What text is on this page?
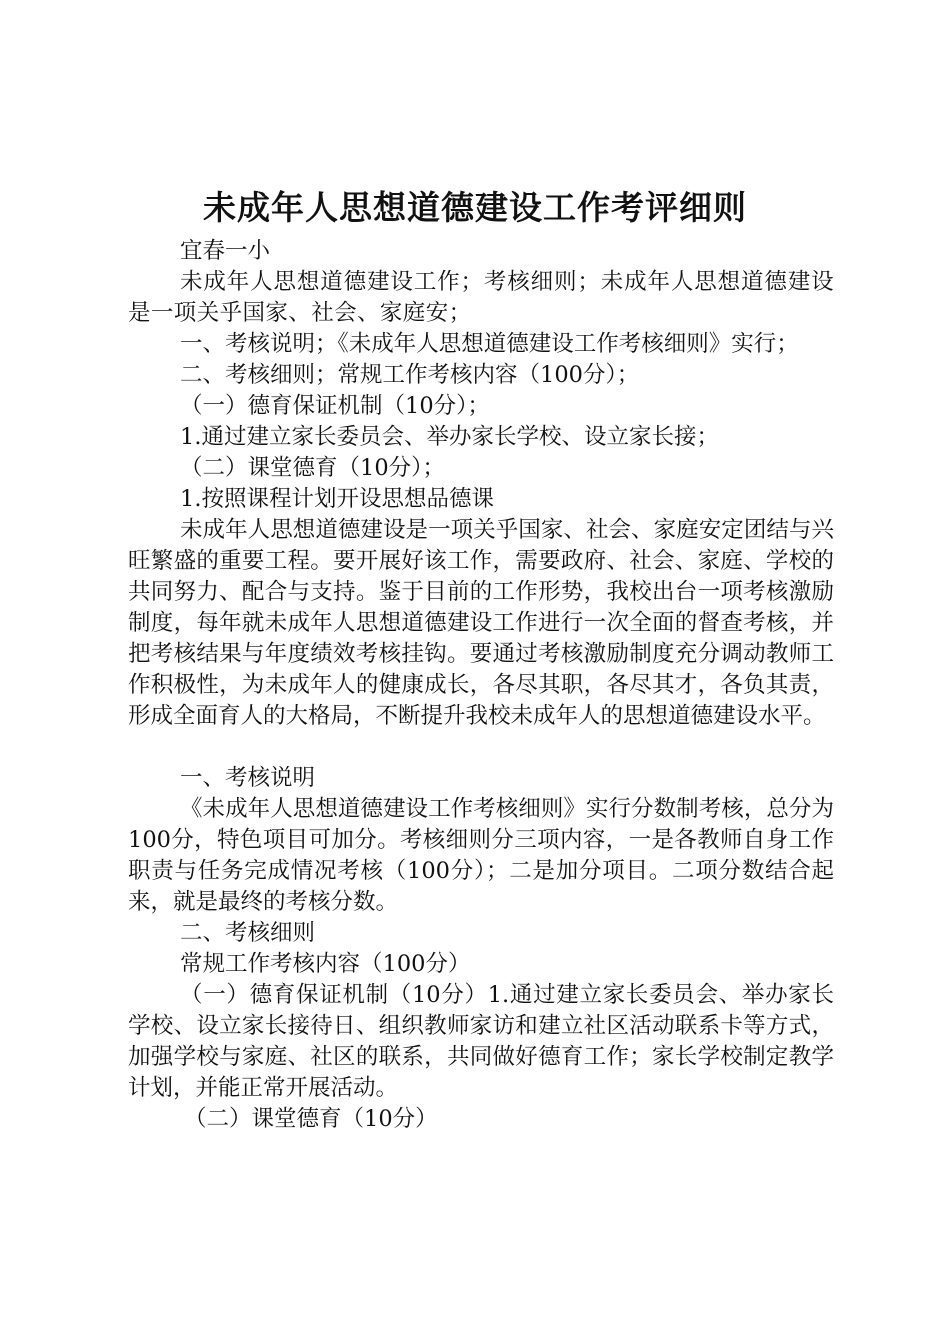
未成年人思想道德建设工作考评细则

宜春一小

未成年人思想道德建设工作；考核细则；未成年人思想道德建设是一项关乎国家、社会、家庭安；

一、考核说明；《未成年人思想道德建设工作考核细则》实行；

二、考核细则；常规工作考核内容（100分）；

（一）德育保证机制（10分）；

1.通过建立家长委员会、举办家长学校、设立家长接；

（二）课堂德育（10分）；

1.按照课程计划开设思想品德课

未成年人思想道德建设是一项关乎国家、社会、家庭安定团结与兴旺繁盛的重要工程。要开展好该工作，需要政府、社会、家庭、学校的共同努力、配合与支持。鉴于目前的工作形势，我校出台一项考核激励制度，每年就未成年人思想道德建设工作进行一次全面的督查考核，并把考核结果与年度绩效考核挂钩。要通过考核激励制度充分调动教师工作积极性，为未成年人的健康成长，各尽其职，各尽其才，各负其责，形成全面育人的大格局，不断提升我校未成年人的思想道德建设水平。

一、考核说明

《未成年人思想道德建设工作考核细则》实行分数制考核，总分为100分，特色项目可加分。考核细则分三项内容，一是各教师自身工作职责与任务完成情况考核（100分）；二是加分项目。二项分数结合起来，就是最终的考核分数。

二、考核细则

常规工作考核内容（100分）

（一）德育保证机制（10分）1.通过建立家长委员会、举办家长学校、设立家长接待日、组织教师家访和建立社区活动联系卡等方式，加强学校与家庭、社区的联系，共同做好德育工作；家长学校制定教学计划，并能正常开展活动。

（二）课堂德育（10分）
